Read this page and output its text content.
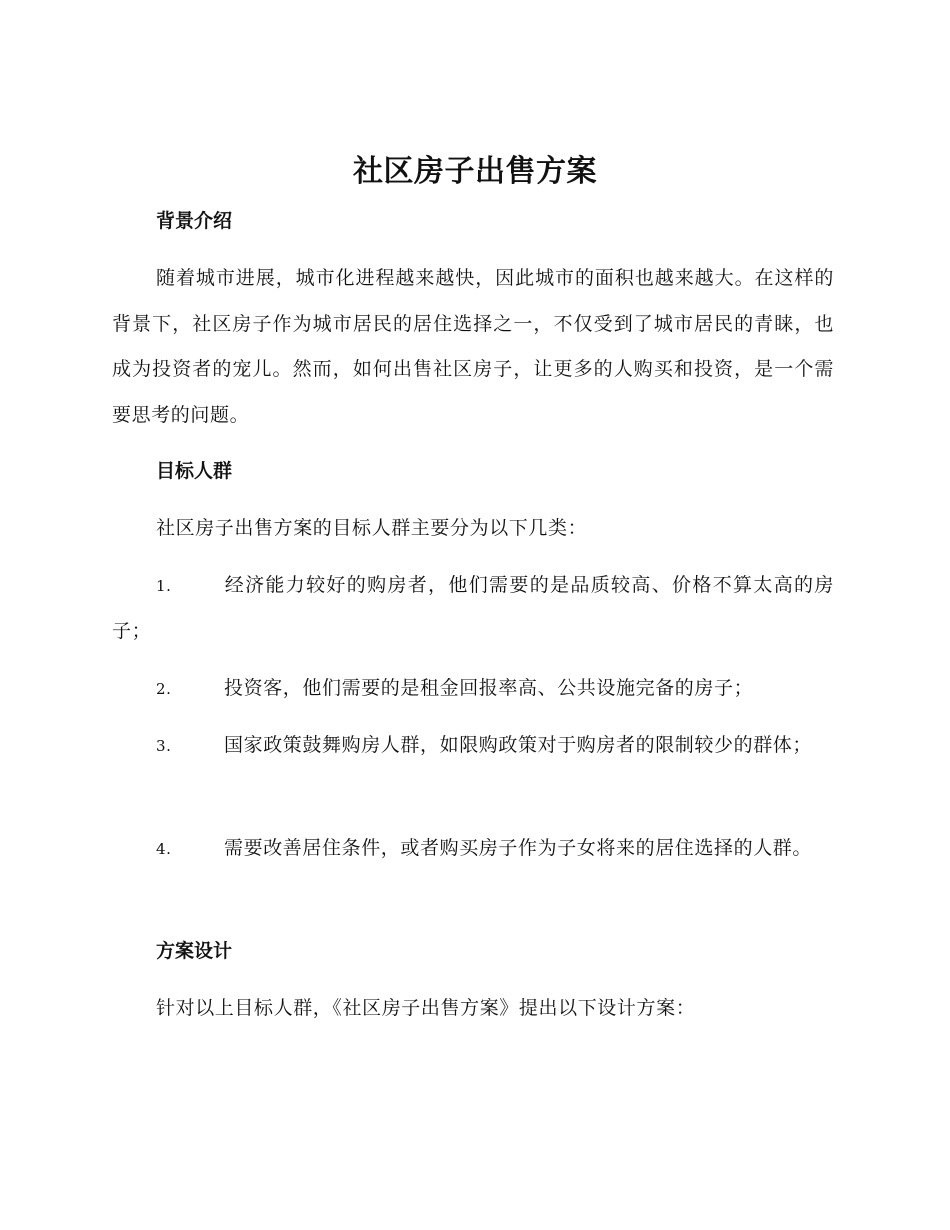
社区房子出售方案
背景介绍

随着城市进展，城市化进程越来越快，因此城市的面积也越来越大。在这样的背景下，社区房子作为城市居民的居住选择之一，不仅受到了城市居民的青睐，也成为投资者的宠儿。然而，如何出售社区房子，让更多的人购买和投资，是一个需要思考的问题。

目标人群

社区房子出售方案的目标人群主要分为以下几类：

1.	经济能力较好的购房者，他们需要的是品质较高、价格不算太高的房子；
2.	投资客，他们需要的是租金回报率高、公共设施完备的房子；
3.	国家政策鼓舞购房人群，如限购政策对于购房者的限制较少的群体；
4.	需要改善居住条件，或者购买房子作为子女将来的居住选择的人群。
方案设计

针对以上目标人群，《社区房子出售方案》提出以下设计方案：
